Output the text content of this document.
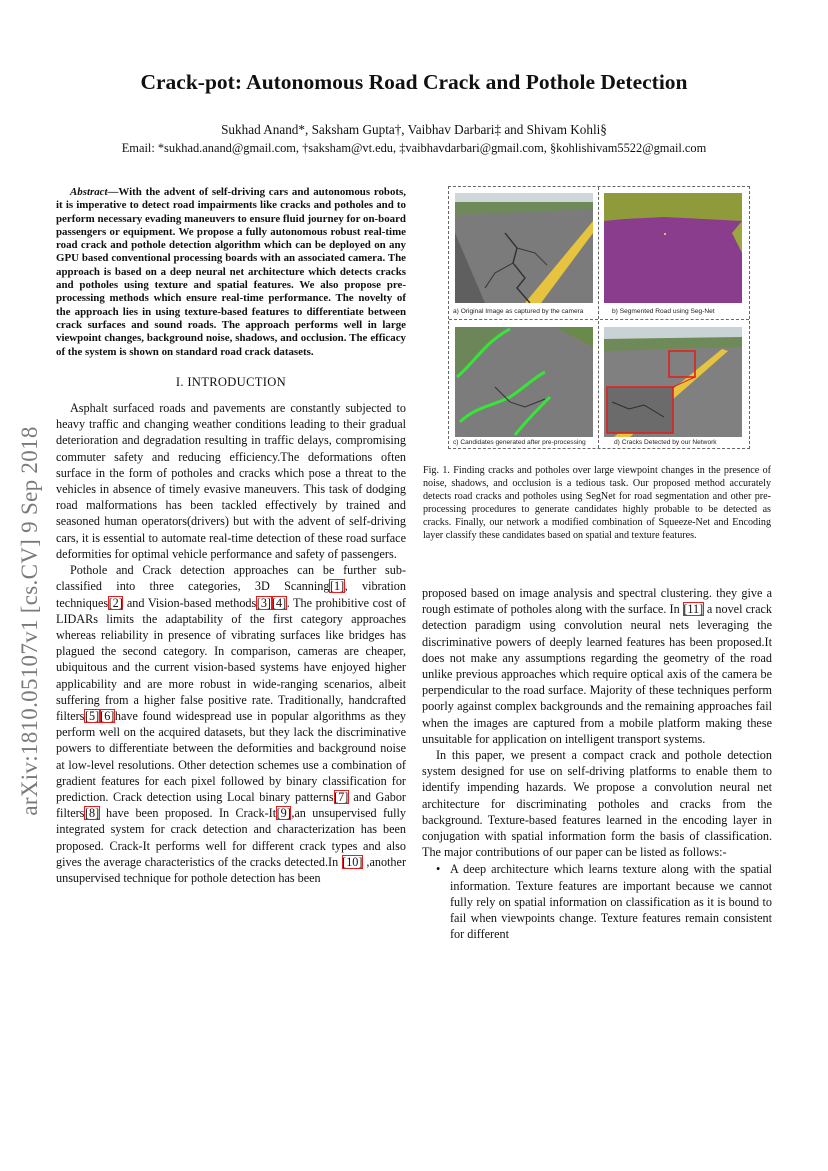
arXiv:1810.05107v1 [cs.CV] 9 Sep 2018
Crack-pot: Autonomous Road Crack and Pothole Detection
Sukhad Anand*, Saksham Gupta†, Vaibhav Darbari‡ and Shivam Kohli§
Email: *sukhad.anand@gmail.com, †saksham@vt.edu, ‡vaibhavdarbari@gmail.com, §kohlishivam5522@gmail.com

Abstract—With the advent of self-driving cars and autonomous robots, it is imperative to detect road impairments like cracks and potholes and to perform necessary evading maneuvers to ensure fluid journey for on-board passengers or equipment. We propose a fully autonomous robust real-time road crack and pothole detection algorithm which can be deployed on any GPU based conventional processing boards with an associated camera. The approach is based on a deep neural net architecture which detects cracks and potholes using texture and spatial features. We also propose pre-processing methods which ensure real-time performance. The novelty of the approach lies in using texture-based features to differentiate between crack surfaces and sound roads. The approach performs well in large viewpoint changes, background noise, shadows, and occlusion. The efficacy of the system is shown on standard road crack datasets.

I. INTRODUCTION

Asphalt surfaced roads and pavements are constantly subjected to heavy traffic and changing weather conditions leading to their gradual deterioration and degradation resulting in traffic delays, compromising commuter safety and reducing efficiency.The deformations often surface in the form of potholes and cracks which pose a threat to the vehicles in absence of timely evasive maneuvers. This task of dodging road malformations has been tackled effectively by trained and seasoned human operators(drivers) but with the advent of self-driving cars, it is essential to automate real-time detection of these road surface deformities for optimal vehicle performance and safety of passengers.

Pothole and Crack detection approaches can be further sub-classified into three categories, 3D Scanning[1], vibration techniques[2] and Vision-based methods[3][4]. The prohibitive cost of LIDARs limits the adaptability of the first category approaches whereas reliability in presence of vibrating surfaces like bridges has plagued the second category. In comparison, cameras are cheaper, ubiquitous and the current vision-based systems have enjoyed higher applicability and are more robust in wide-ranging scenarios, albeit suffering from a higher false positive rate. Traditionally, handcrafted filters[5][6]have found widespread use in popular algorithms as they perform well on the acquired datasets, but they lack the discriminative powers to differentiate between the deformities and background noise at low-level resolutions. Other detection schemes use a combination of gradient features for each pixel followed by binary classification for prediction. Crack detection using Local binary patterns[7] and Gabor filters[8] have been proposed. In Crack-It[9],an unsupervised fully integrated system for crack detection and characterization has been proposed. Crack-It performs well for different crack types and also gives the average characteristics of the cracks detected.In [10] ,another unsupervised technique for pothole detection has been

a) Original Image as captured by the camera	b) Segmented Road using Seg-Net
c) Candidates generated after pre-processing	d) Cracks Detected by our Network
Fig. 1. Finding cracks and potholes over large viewpoint changes in the presence of noise, shadows, and occlusion is a tedious task. Our proposed method accurately detects road cracks and potholes using SegNet for road segmentation and other pre-processing procedures to generate candidates highly probable to be detected as cracks. Finally, our network a modified combination of Squeeze-Net and Encoding layer classify these candidates based on spatial and texture features.

proposed based on image analysis and spectral clustering. they give a rough estimate of potholes along with the surface. In [11] a novel crack detection paradigm using convolution neural nets leveraging the discriminative powers of deeply learned features has been proposed.It does not make any assumptions regarding the geometry of the road unlike previous approaches which require optical axis of the camera be perpendicular to the road surface. Majority of these techniques perform poorly against complex backgrounds and the remaining approaches fail when the images are captured from a mobile platform making these unsuitable for application on intelligent transport systems.

In this paper, we present a compact crack and pothole detection system designed for use on self-driving platforms to enable them to identify impending hazards. We propose a convolution neural net architecture for discriminating potholes and cracks from the background. Texture-based features learned in the encoding layer in conjugation with spatial information form the basis of classification. The major contributions of our paper can be listed as follows:-

• A deep architecture which learns texture along with the spatial information. Texture features are important because we cannot fully rely on spatial information on classification as it is bound to fail when viewpoints change. Texture features remain consistent for different
